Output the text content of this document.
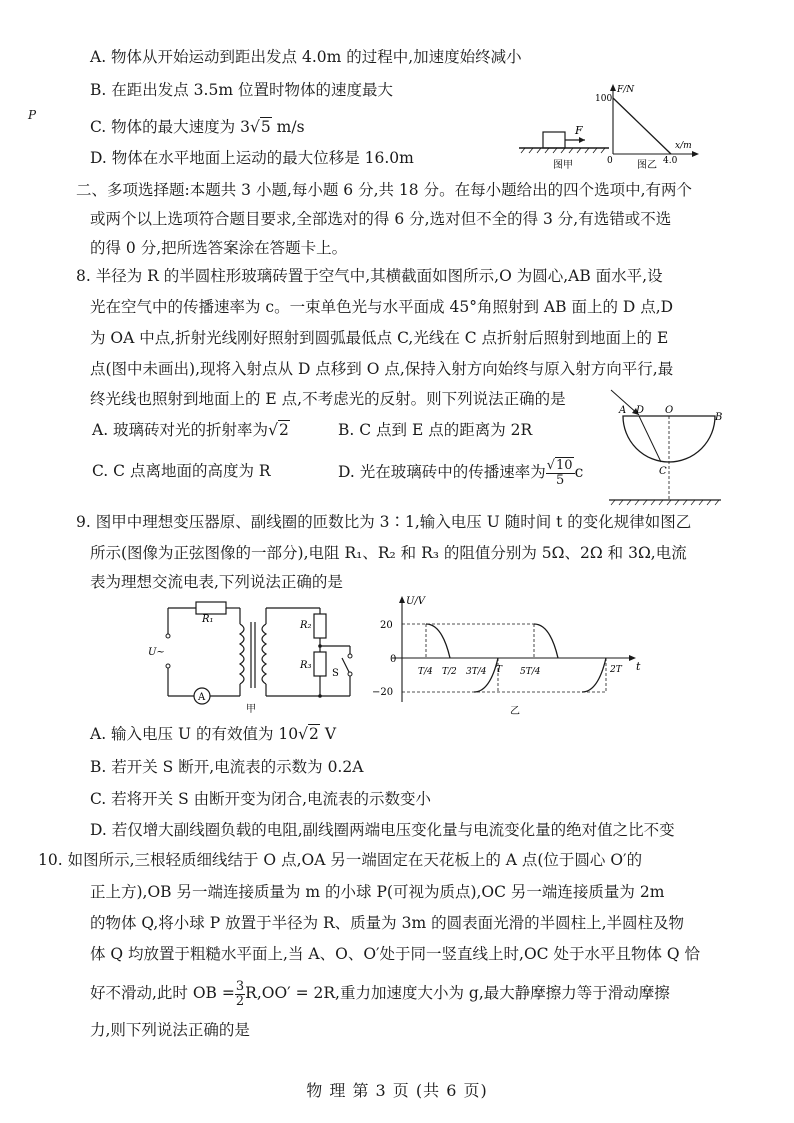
P
A. 物体从开始运动到距出发点 4.0m 的过程中,加速度始终减小
B. 在距出发点 3.5m 位置时物体的速度最大
C. 物体的最大速度为 3√5 m/s
D. 物体在水平地面上运动的最大位移是 16.0m
F
图甲
F/N
100
0
x/m
4.0
图乙
二、多项选择题:本题共 3 小题,每小题 6 分,共 18 分。在每小题给出的四个选项中,有两个
或两个以上选项符合题目要求,全部选对的得 6 分,选对但不全的得 3 分,有选错或不选
的得 0 分,把所选答案涂在答题卡上。
8. 半径为 R 的半圆柱形玻璃砖置于空气中,其横截面如图所示,O 为圆心,AB 面水平,设
光在空气中的传播速率为 c。一束单色光与水平面成 45°角照射到 AB 面上的 D 点,D
为 OA 中点,折射光线刚好照射到圆弧最低点 C,光线在 C 点折射后照射到地面上的 E
点(图中未画出),现将入射点从 D 点移到 O 点,保持入射方向始终与原入射方向平行,最
终光线也照射到地面上的 E 点,不考虑光的反射。则下列说法正确的是
A. 玻璃砖对光的折射率为√2	B. C 点到 E 点的距离为 2R
C. C 点离地面的高度为 R	D. 光在玻璃砖中的传播速率为 $\frac{√10}{5}$ c
A D O
B
C
9. 图甲中理想变压器原、副线圈的匝数比为 3∶1,输入电压 U 随时间 t 的变化规律如图乙
所示(图像为正弦图像的一部分),电阻 R₁、R₂ 和 R₃ 的阻值分别为 5Ω、2Ω 和 3Ω,电流
表为理想交流电表,下列说法正确的是
R₁
R₂
R₃
U~
S
A
甲
U/V
t
20
−20
0
T/4 T/2 3T/4 T 5T/4	2T
乙
A. 输入电压 U 的有效值为 10√2 V
B. 若开关 S 断开,电流表的示数为 0.2A
C. 若将开关 S 由断开变为闭合,电流表的示数变小
D. 若仅增大副线圈负载的电阻,副线圈两端电压变化量与电流变化量的绝对值之比不变
10. 如图所示,三根轻质细线结于 O 点,OA 另一端固定在天花板上的 A 点(位于圆心 O′的
正上方),OB 另一端连接质量为 m 的小球 P(可视为质点),OC 另一端连接质量为 2m
的物体 Q,将小球 P 放置于半径为 R、质量为 3m 的圆表面光滑的半圆柱上,半圆柱及物
体 Q 均放置于粗糙水平面上,当 A、O、O′处于同一竖直线上时,OC 处于水平且物体 Q 恰
好不滑动,此时 OB = $\frac{3}{2} R,OO' = 2R$,重力加速度大小为 g,最大静摩擦力等于滑动摩擦
力,则下列说法正确的是
物 理 第 3 页 (共 6 页)
